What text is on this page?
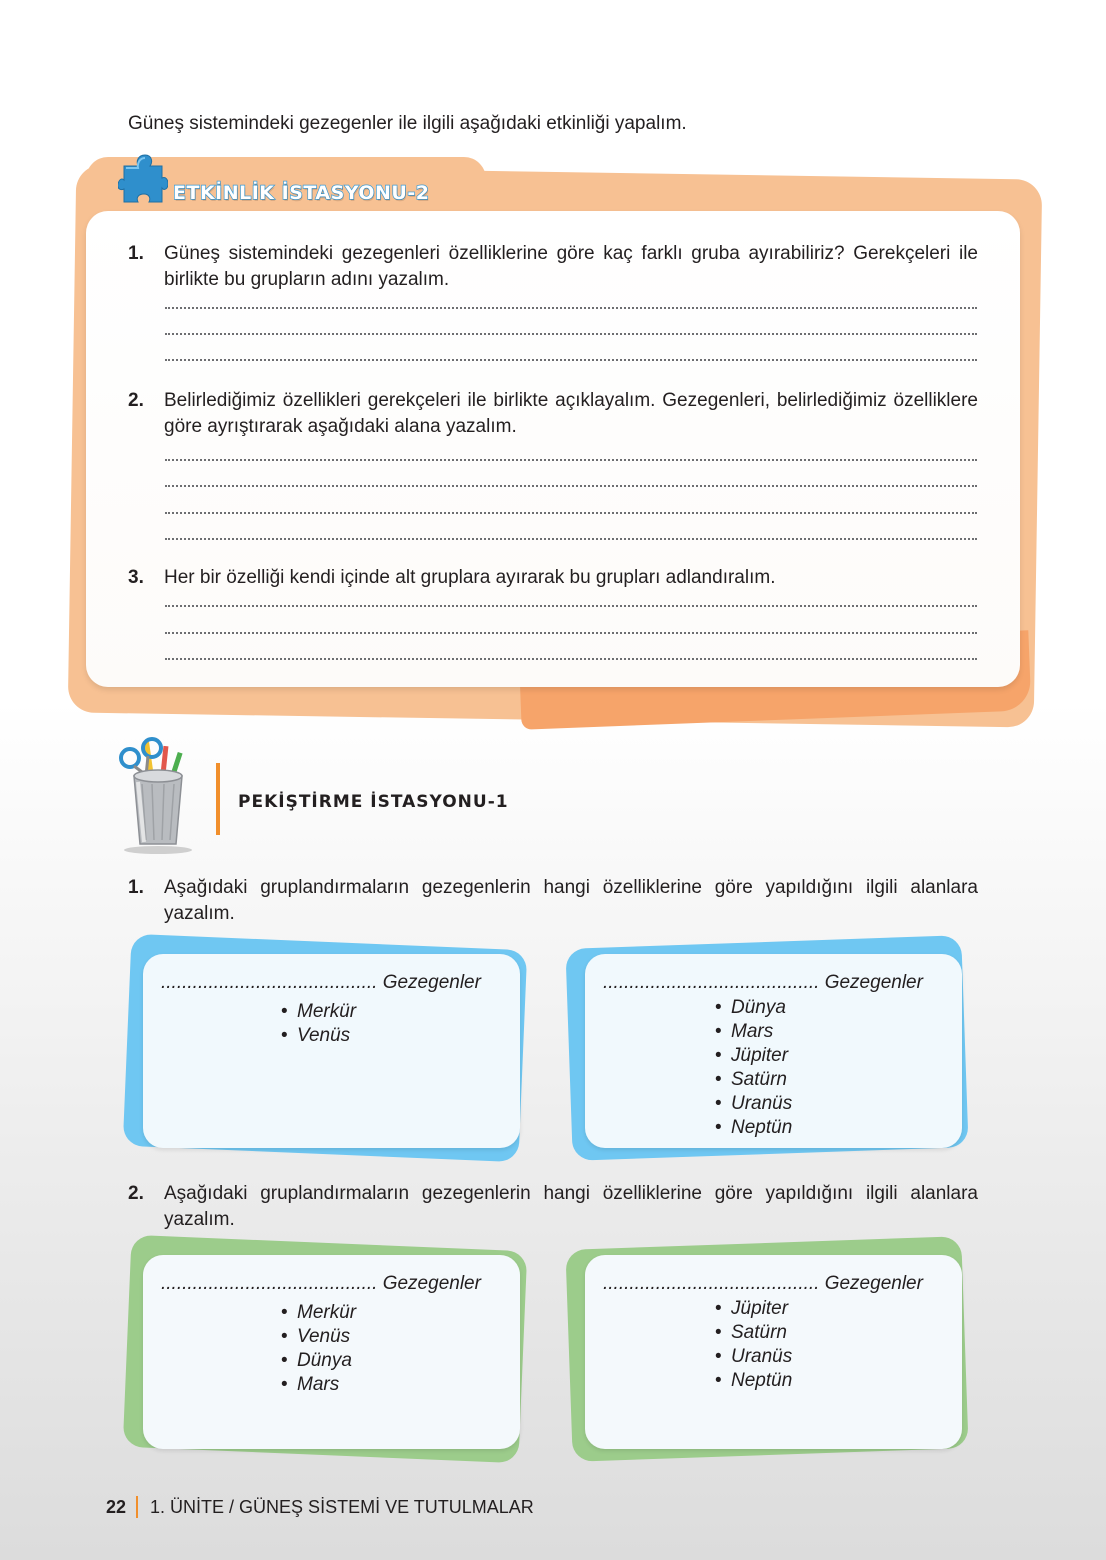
Güneş sistemindeki gezegenler ile ilgili aşağıdaki etkinliği yapalım.

ETKİNLİK İSTASYONU-2
1. Güneş sistemindeki gezegenleri özelliklerine göre kaç farklı gruba ayırabiliriz? Gerekçeleri ile birlikte bu grupların adını yazalım.
2. Belirlediğimiz özellikleri gerekçeleri ile birlikte açıklayalım. Gezegenleri, belirlediğimiz özelliklere göre ayrıştırarak aşağıdaki alana yazalım.
3. Her bir özelliği kendi içinde alt gruplara ayırarak bu grupları adlandıralım.
PEKİŞTİRME İSTASYONU-1
1. Aşağıdaki gruplandırmaların gezegenlerin hangi özelliklerine göre yapıldığını ilgili alanlara yazalım.
......................................... Gezegenler
• Merkür
• Venüs
......................................... Gezegenler
• Dünya
• Mars
• Jüpiter
• Satürn
• Uranüs
• Neptün
2. Aşağıdaki gruplandırmaların gezegenlerin hangi özelliklerine göre yapıldığını ilgili alanlara yazalım.
......................................... Gezegenler
• Merkür
• Venüs
• Dünya
• Mars
......................................... Gezegenler
• Jüpiter
• Satürn
• Uranüs
• Neptün
22 1. ÜNİTE / GÜNEŞ SİSTEMİ VE TUTULMALAR
